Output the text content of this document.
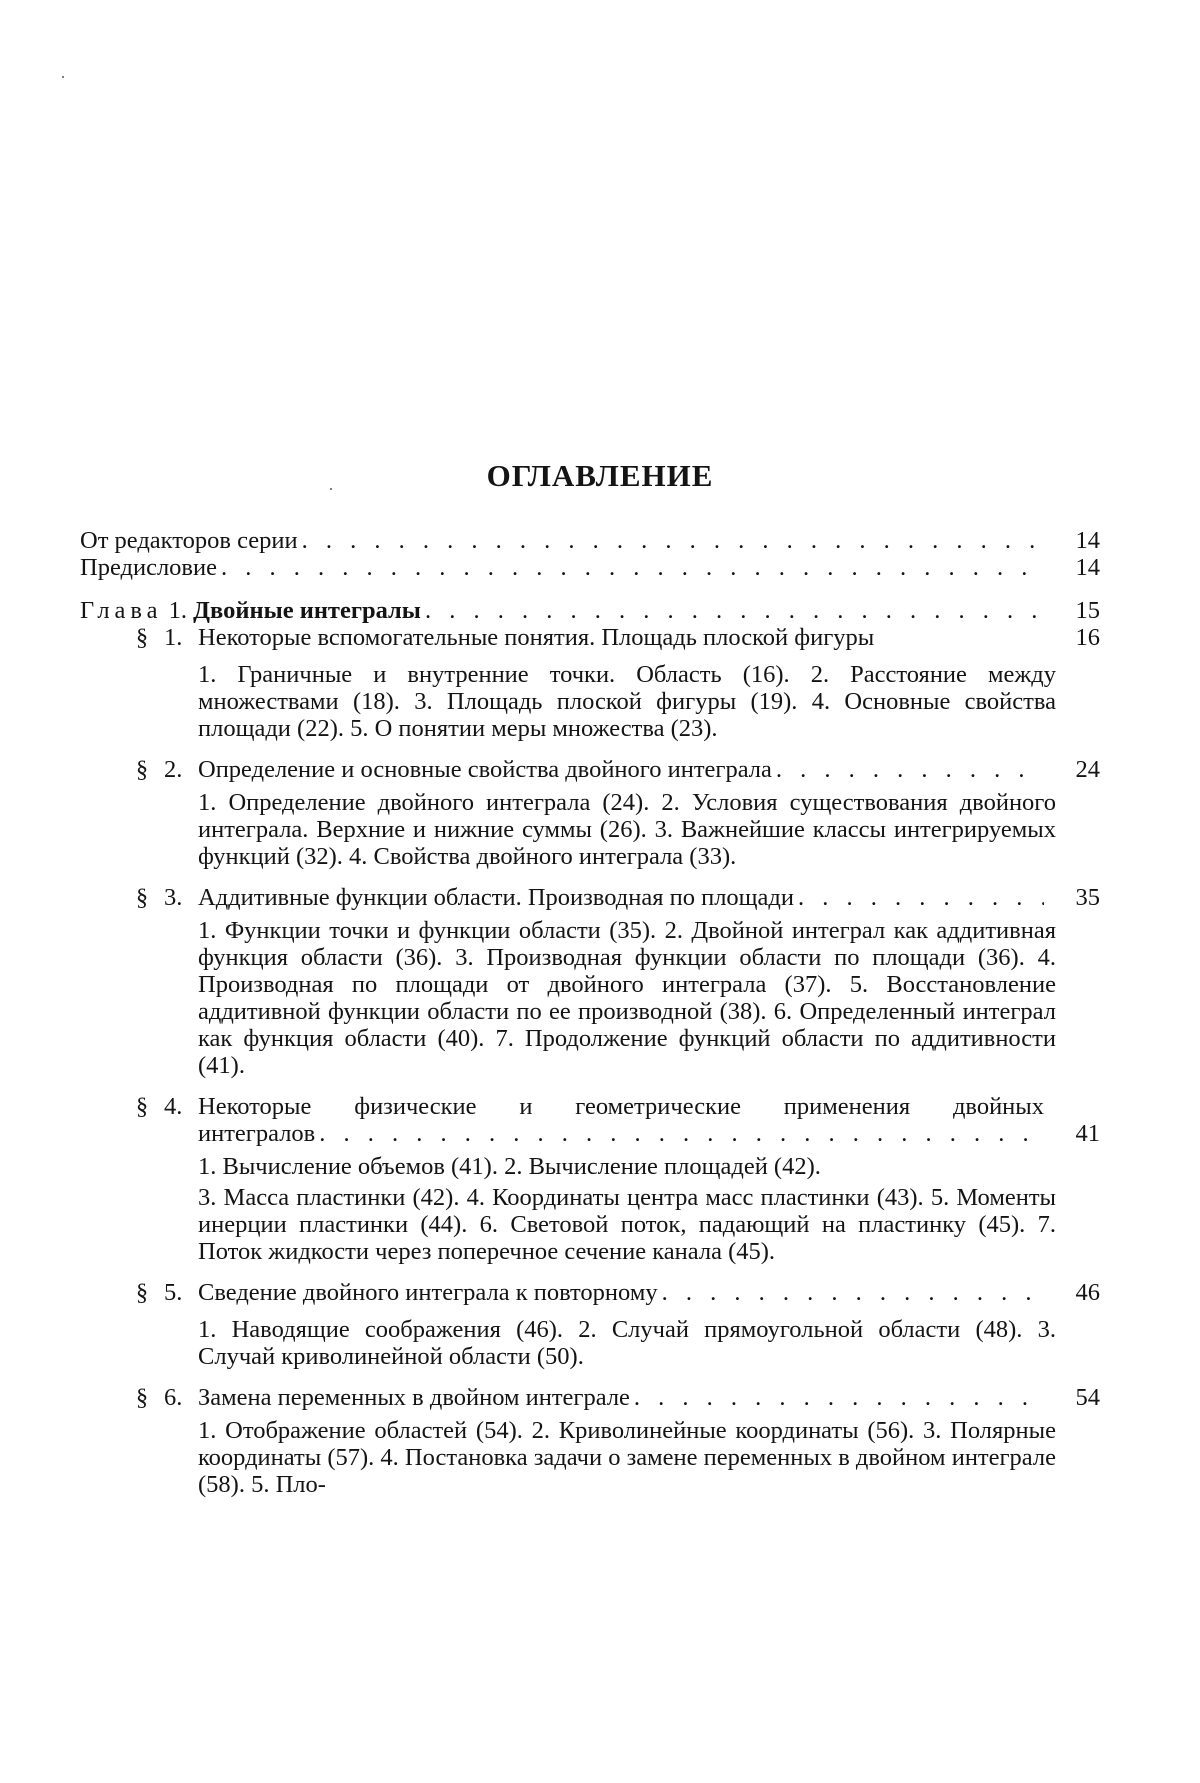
ОГЛАВЛЕНИЕ
От редакторов серии . . .	14
Предисловие . . .	14
Глава 1. Двойные интегралы . . .	15
§ 1. Некоторые вспомогательные понятия. Площадь плоской фигуры	16
1. Граничные и внутренние точки. Область (16). 2. Расстояние между множествами (18). 3. Площадь плоской фигуры (19). 4. Основные свойства площади (22). 5. О понятии меры множества (23).
§ 2. Определение и основные свойства двойного интеграла . . .	24
1. Определение двойного интеграла (24). 2. Условия существования двойного интеграла. Верхние и нижние суммы (26). 3. Важнейшие классы интегрируемых функций (32). 4. Свойства двойного интеграла (33).
§ 3. Аддитивные функции области. Производная по площади . . .	35
1. Функции точки и функции области (35). 2. Двойной интеграл как аддитивная функция области (36). 3. Производная функции области по площади (36). 4. Производная по площади от двойного интеграла (37). 5. Восстановление аддитивной функции области по ее производной (38). 6. Определенный интеграл как функция области (40). 7. Продолжение функций области по аддитивности (41).
§ 4. Некоторые физические и геометрические применения двойных
интегралов . . .	41
1. Вычисление объемов (41). 2. Вычисление площадей (42).
3. Масса пластинки (42). 4. Координаты центра масс пластинки (43). 5. Моменты инерции пластинки (44). 6. Световой поток, падающий на пластинку (45). 7. Поток жидкости через поперечное сечение канала (45).
§ 5. Сведение двойного интеграла к повторному . . .	46
1. Наводящие соображения (46). 2. Случай прямоугольной области (48). 3. Случай криволинейной области (50).
§ 6. Замена переменных в двойном интеграле . . .	54
1. Отображение областей (54). 2. Криволинейные координаты (56). 3. Полярные координаты (57). 4. Постановка задачи о замене переменных в двойном интеграле (58). 5. Пло-
